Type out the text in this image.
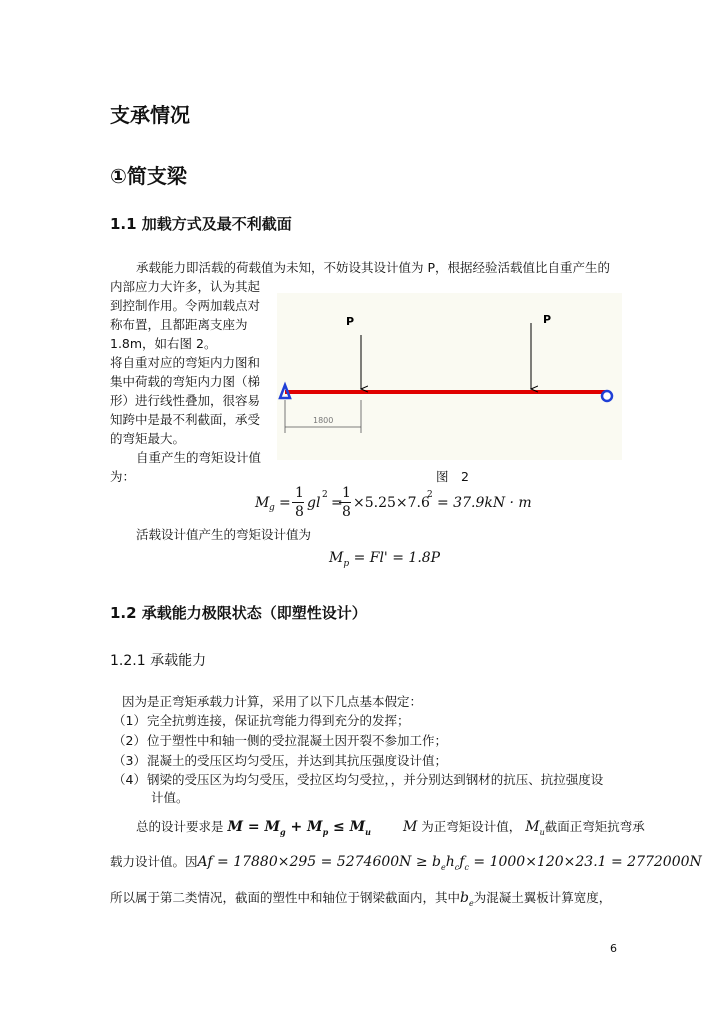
支承情况
①简支梁
1.1 加载方式及最不利截面
承载能力即活载的荷载值为未知，不妨设其设计值为 P，根据经验活载值比自重产生的
内部应力大许多，认为其起
到控制作用。令两加载点对
称布置，且都距离支座为
1.8m，如右图 2。
将自重对应的弯矩内力图和
集中荷载的弯矩内力图（梯
形）进行线性叠加，很容易
知跨中是最不利截面，承受
的弯矩最大。
自重产生的弯矩设计值
为：
P	P
1800
图　2
M g =
1
8
gl 2 =
1
8
×5.25×7.6
2 = 37.9kN · m
活载设计值产生的弯矩设计值为
$M_p = Fl' = 1.8P$
1.2 承载能力极限状态（即塑性设计）
1.2.1 承载能力
因为是正弯矩承载力计算，采用了以下几点基本假定：
（1）完全抗剪连接，保证抗弯能力得到充分的发挥；
（2）位于塑性中和轴一侧的受拉混凝土因开裂不参加工作；
（3）混凝土的受压区均匀受压，并达到其抗压强度设计值；
（4）钢梁的受压区为均匀受压，受拉区均匀受拉，，并分别达到钢材的抗压、抗拉强度设
计值。
总的设计要求是 $M = M_g + M_p \le M_u$ M 为正弯矩设计值， $M_u$截面正弯矩抗弯承
载力设计值。因$Af = 17880\times 295 = 5274600N \ge b_eh_cf_c = 1000\times 120\times 23.1 = 2772000N$
所以属于第二类情况，截面的塑性中和轴位于钢梁截面内，其中$b_e$为混凝土翼板计算宽度，
6
